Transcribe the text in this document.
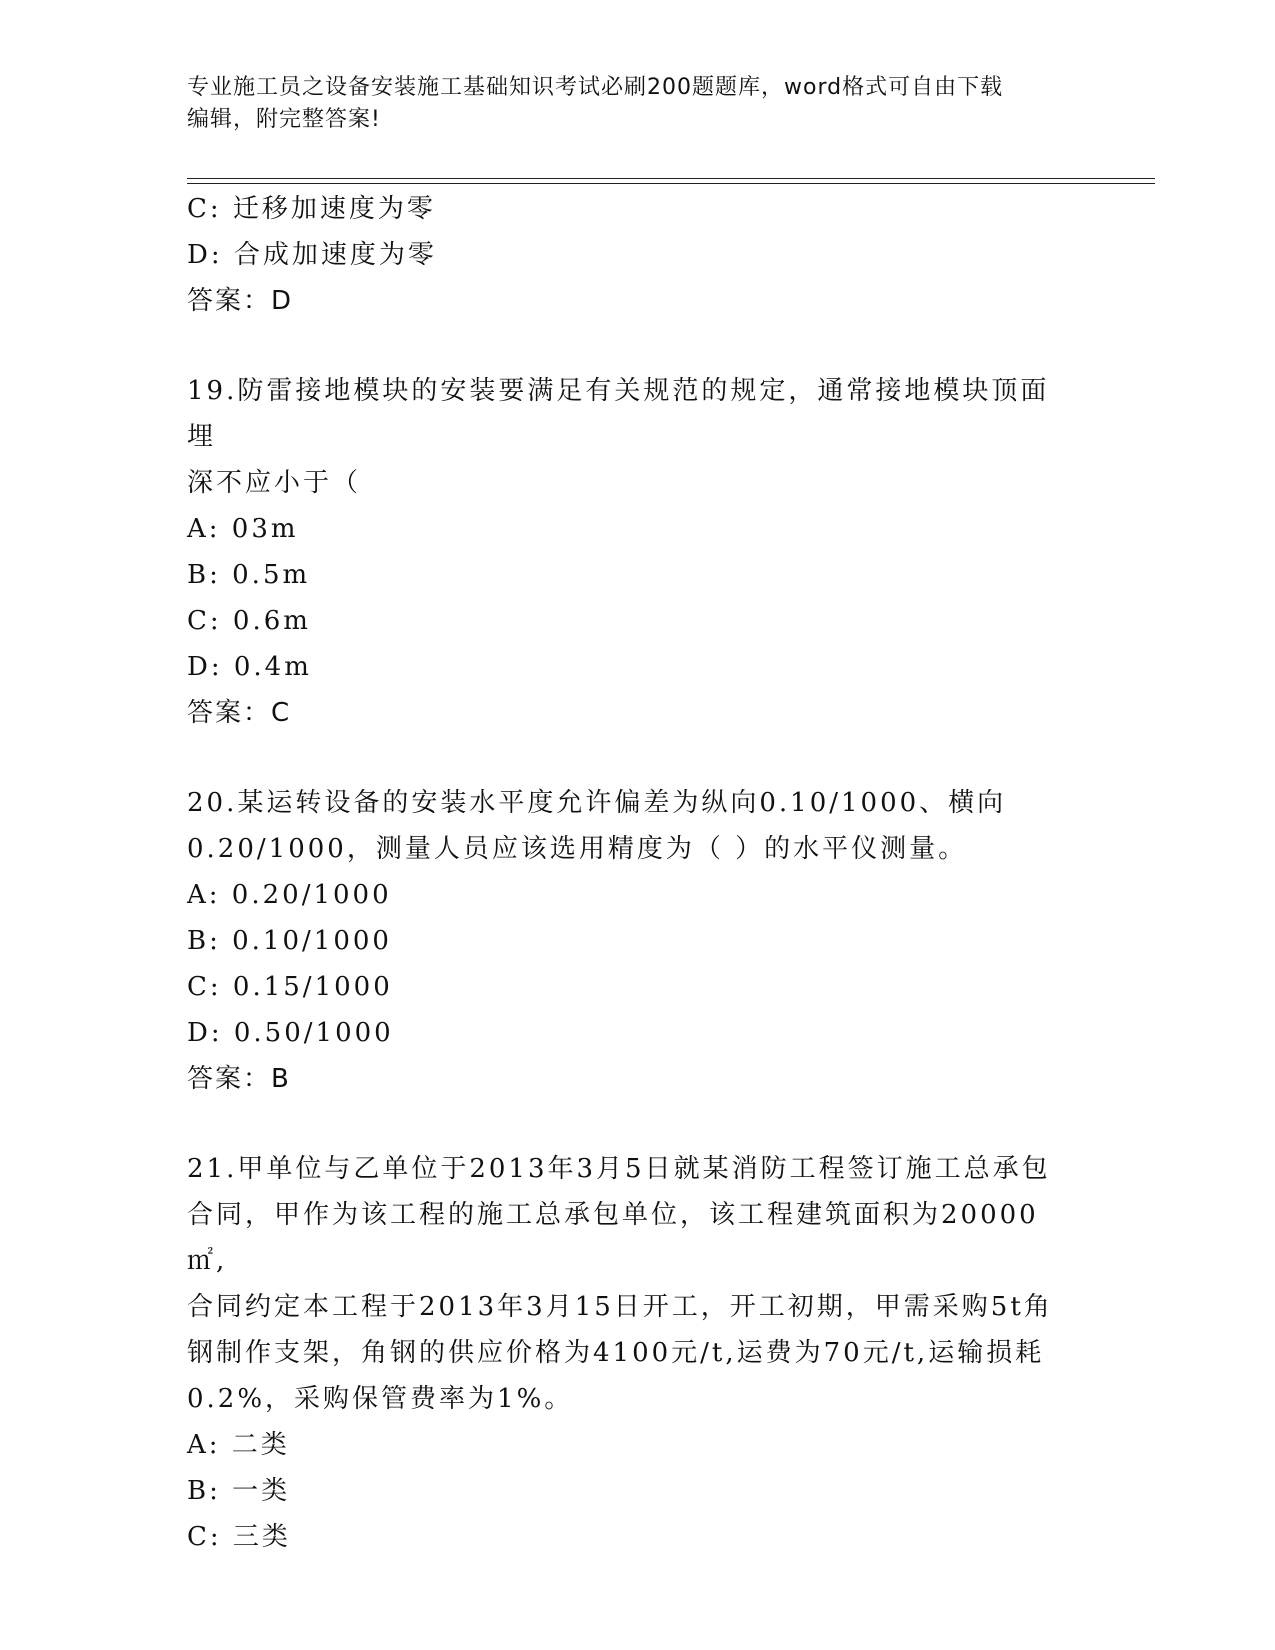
专业施工员之设备安装施工基础知识考试必刷200题题库，word格式可自由下载
编辑，附完整答案!
C: 迁移加速度为零
D: 合成加速度为零
答案：D
19.防雷接地模块的安装要满足有关规范的规定，通常接地模块顶面埋
深不应小于（
A: 03m
B: 0.5m
C: 0.6m
D: 0.4m
答案：C
20.某运转设备的安装水平度允许偏差为纵向0.10/1000、横向
0.20/1000，测量人员应该选用精度为（ ）的水平仪测量。
A: 0.20/1000
B: 0.10/1000
C: 0.15/1000
D: 0.50/1000
答案：B
21.甲单位与乙单位于2013年3月5日就某消防工程签订施工总承包
合同，甲作为该工程的施工总承包单位，该工程建筑面积为20000㎡,
合同约定本工程于2013年3月15日开工，开工初期，甲需采购5t角
钢制作支架，角钢的供应价格为4100元/t,运费为70元/t,运输损耗
0.2%，采购保管费率为1%。
A: 二类
B: 一类
C: 三类
